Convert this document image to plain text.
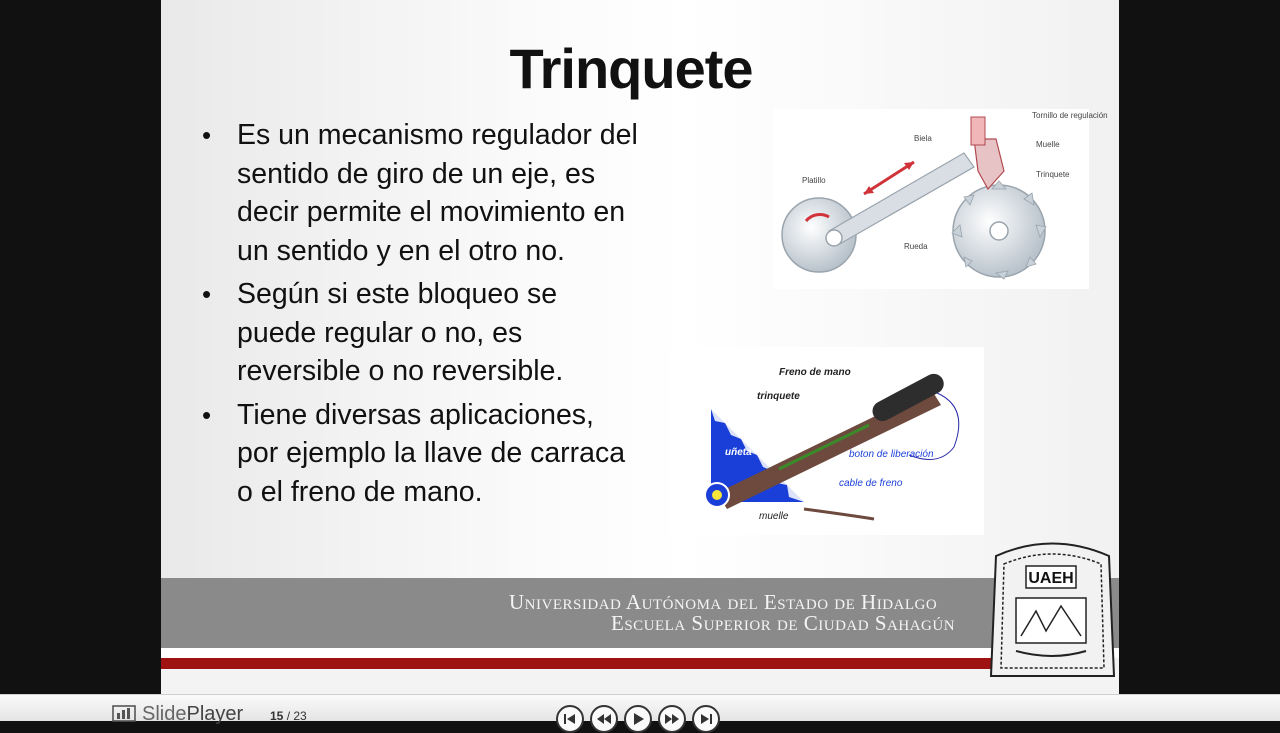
Trinquete
• Es un mecanismo regulador del sentido de giro de un eje, es decir permite el movimiento en un sentido y en el otro no.
• Según si este bloqueo se puede regular o no, es reversible o no reversible.
• Tiene diversas aplicaciones, por ejemplo la llave de carraca o el freno de mano.
Tornillo de regulación
Muelle
Trinquete
Biela
Platillo
Rueda
Freno de mano
trinquete
uñeta	boton de liberación
cable de freno
muelle
Universidad Autónoma del Estado de Hidalgo
Escuela Superior de Ciudad Sahagún
UAEH
SlidePlayer 15 / 23
